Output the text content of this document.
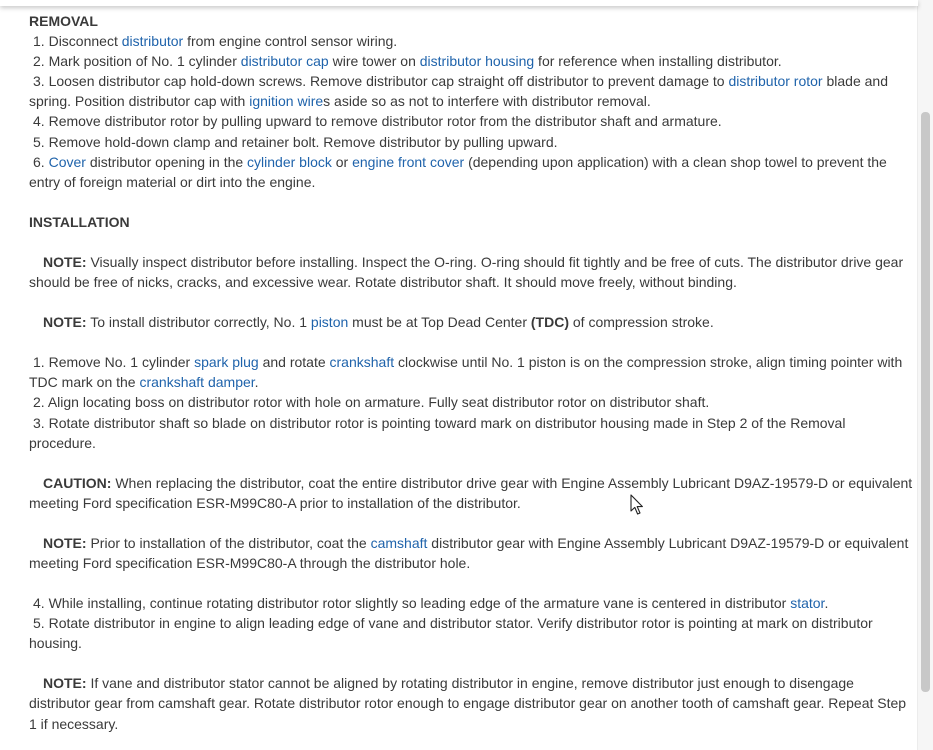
REMOVAL

1. Disconnect distributor from engine control sensor wiring.

2. Mark position of No. 1 cylinder distributor cap wire tower on distributor housing for reference when installing distributor.

3. Loosen distributor cap hold-down screws. Remove distributor cap straight off distributor to prevent damage to distributor rotor blade and spring. Position distributor cap with ignition wires aside so as not to interfere with distributor removal.

4. Remove distributor rotor by pulling upward to remove distributor rotor from the distributor shaft and armature.

5. Remove hold-down clamp and retainer bolt. Remove distributor by pulling upward.

6. Cover distributor opening in the cylinder block or engine front cover (depending upon application) with a clean shop towel to prevent the entry of foreign material or dirt into the engine.

INSTALLATION

NOTE: Visually inspect distributor before installing. Inspect the O-ring. O-ring should fit tightly and be free of cuts. The distributor drive gear should be free of nicks, cracks, and excessive wear. Rotate distributor shaft. It should move freely, without binding.

NOTE: To install distributor correctly, No. 1 piston must be at Top Dead Center (TDC) of compression stroke.

1. Remove No. 1 cylinder spark plug and rotate crankshaft clockwise until No. 1 piston is on the compression stroke, align timing pointer with TDC mark on the crankshaft damper.

2. Align locating boss on distributor rotor with hole on armature. Fully seat distributor rotor on distributor shaft.

3. Rotate distributor shaft so blade on distributor rotor is pointing toward mark on distributor housing made in Step 2 of the Removal procedure.

CAUTION: When replacing the distributor, coat the entire distributor drive gear with Engine Assembly Lubricant D9AZ-19579-D or equivalent meeting Ford specification ESR-M99C80-A prior to installation of the distributor.

NOTE: Prior to installation of the distributor, coat the camshaft distributor gear with Engine Assembly Lubricant D9AZ-19579-D or equivalent meeting Ford specification ESR-M99C80-A through the distributor hole.

4. While installing, continue rotating distributor rotor slightly so leading edge of the armature vane is centered in distributor stator.

5. Rotate distributor in engine to align leading edge of vane and distributor stator. Verify distributor rotor is pointing at mark on distributor housing.

NOTE: If vane and distributor stator cannot be aligned by rotating distributor in engine, remove distributor just enough to disengage distributor gear from camshaft gear. Rotate distributor rotor enough to engage distributor gear on another tooth of camshaft gear. Repeat Step 1 if necessary.
